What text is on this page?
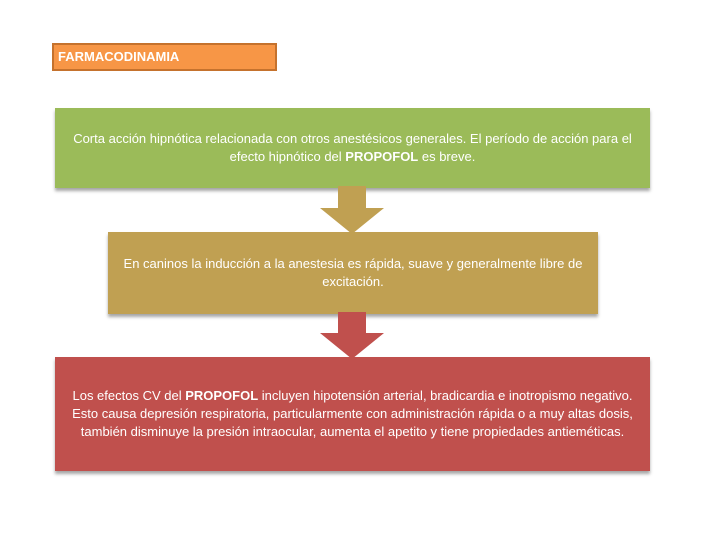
FARMACODINAMIA

Corta acción hipnótica relacionada con otros anestésicos generales. El período de acción para el efecto hipnótico del PROPOFOL es breve.

En caninos la inducción a la anestesia es rápida, suave y generalmente libre de excitación.

Los efectos CV del PROPOFOL incluyen hipotensión arterial, bradicardia e inotropismo negativo. Esto causa depresión respiratoria, particularmente con administración rápida o a muy altas dosis, también disminuye la presión intraocular, aumenta el apetito y tiene propiedades antieméticas.
